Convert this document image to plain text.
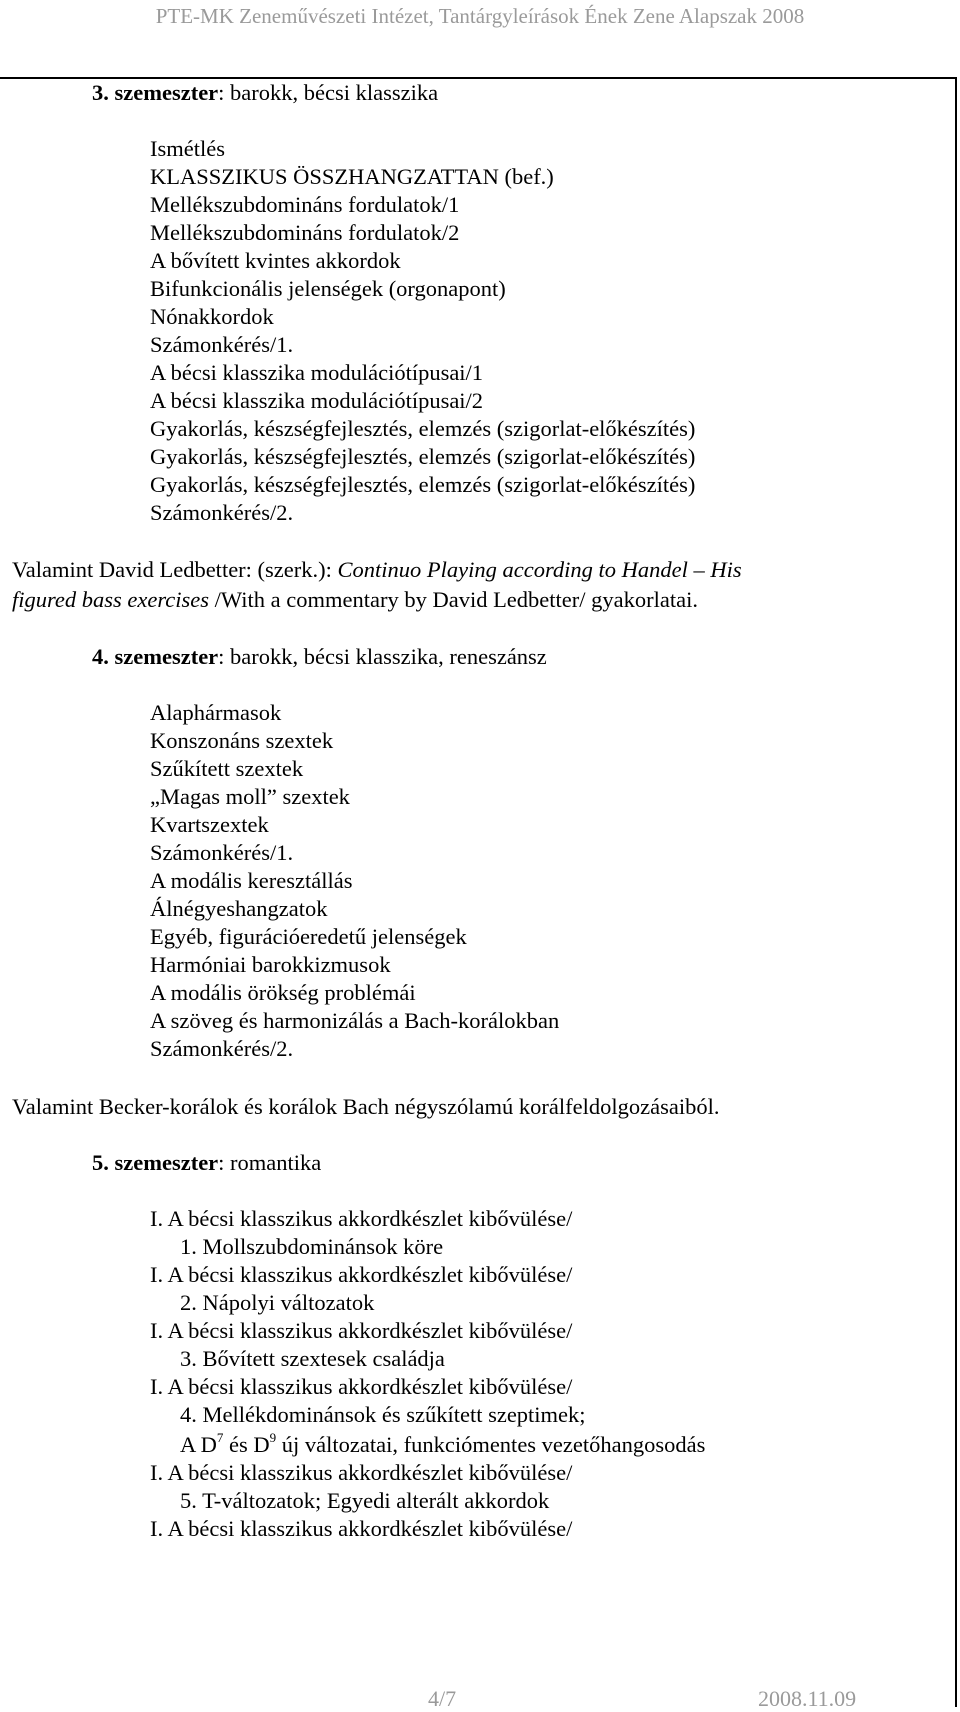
PTE-MK Zeneművészeti Intézet, Tantárgyleírások Ének Zene Alapszak 2008
3. szemeszter: barokk, bécsi klasszika
Ismétlés
KLASSZIKUS ÖSSZHANGZATTAN (bef.)
Mellékszubdomináns fordulatok/1
Mellékszubdomináns fordulatok/2
A bővített kvintes akkordok
Bifunkcionális jelenségek (orgonapont)
Nónakkordok
Számonkérés/1.
A bécsi klasszika modulációtípusai/1
A bécsi klasszika modulációtípusai/2
Gyakorlás, készségfejlesztés, elemzés (szigorlat-előkészítés)
Gyakorlás, készségfejlesztés, elemzés (szigorlat-előkészítés)
Gyakorlás, készségfejlesztés, elemzés (szigorlat-előkészítés)
Számonkérés/2.
Valamint David Ledbetter: (szerk.): Continuo Playing according to Handel – His
figured bass exercises /With a commentary by David Ledbetter/ gyakorlatai.
4. szemeszter: barokk, bécsi klasszika, reneszánsz
Alaphármasok
Konszonáns szextek
Szűkített szextek
„Magas moll” szextek
Kvartszextek
Számonkérés/1.
A modális keresztállás
Álnégyeshangzatok
Egyéb, figurációeredetű jelenségek
Harmóniai barokkizmusok
A modális örökség problémái
A szöveg és harmonizálás a Bach-korálokban
Számonkérés/2.
Valamint Becker-korálok és korálok Bach négyszólamú korálfeldolgozásaiból.
5. szemeszter: romantika
I. A bécsi klasszikus akkordkészlet kibővülése/
1. Mollszubdominánsok köre
I. A bécsi klasszikus akkordkészlet kibővülése/
2. Nápolyi változatok
I. A bécsi klasszikus akkordkészlet kibővülése/
3. Bővített szextesek családja
I. A bécsi klasszikus akkordkészlet kibővülése/
4. Mellékdominánsok és szűkített szeptimek;
A $D^7$ és $D^9$ új változatai, funkciómentes vezetőhangosodás
I. A bécsi klasszikus akkordkészlet kibővülése/
5. T-változatok; Egyedi alterált akkordok
I. A bécsi klasszikus akkordkészlet kibővülése/
4/7	2008.11.09
